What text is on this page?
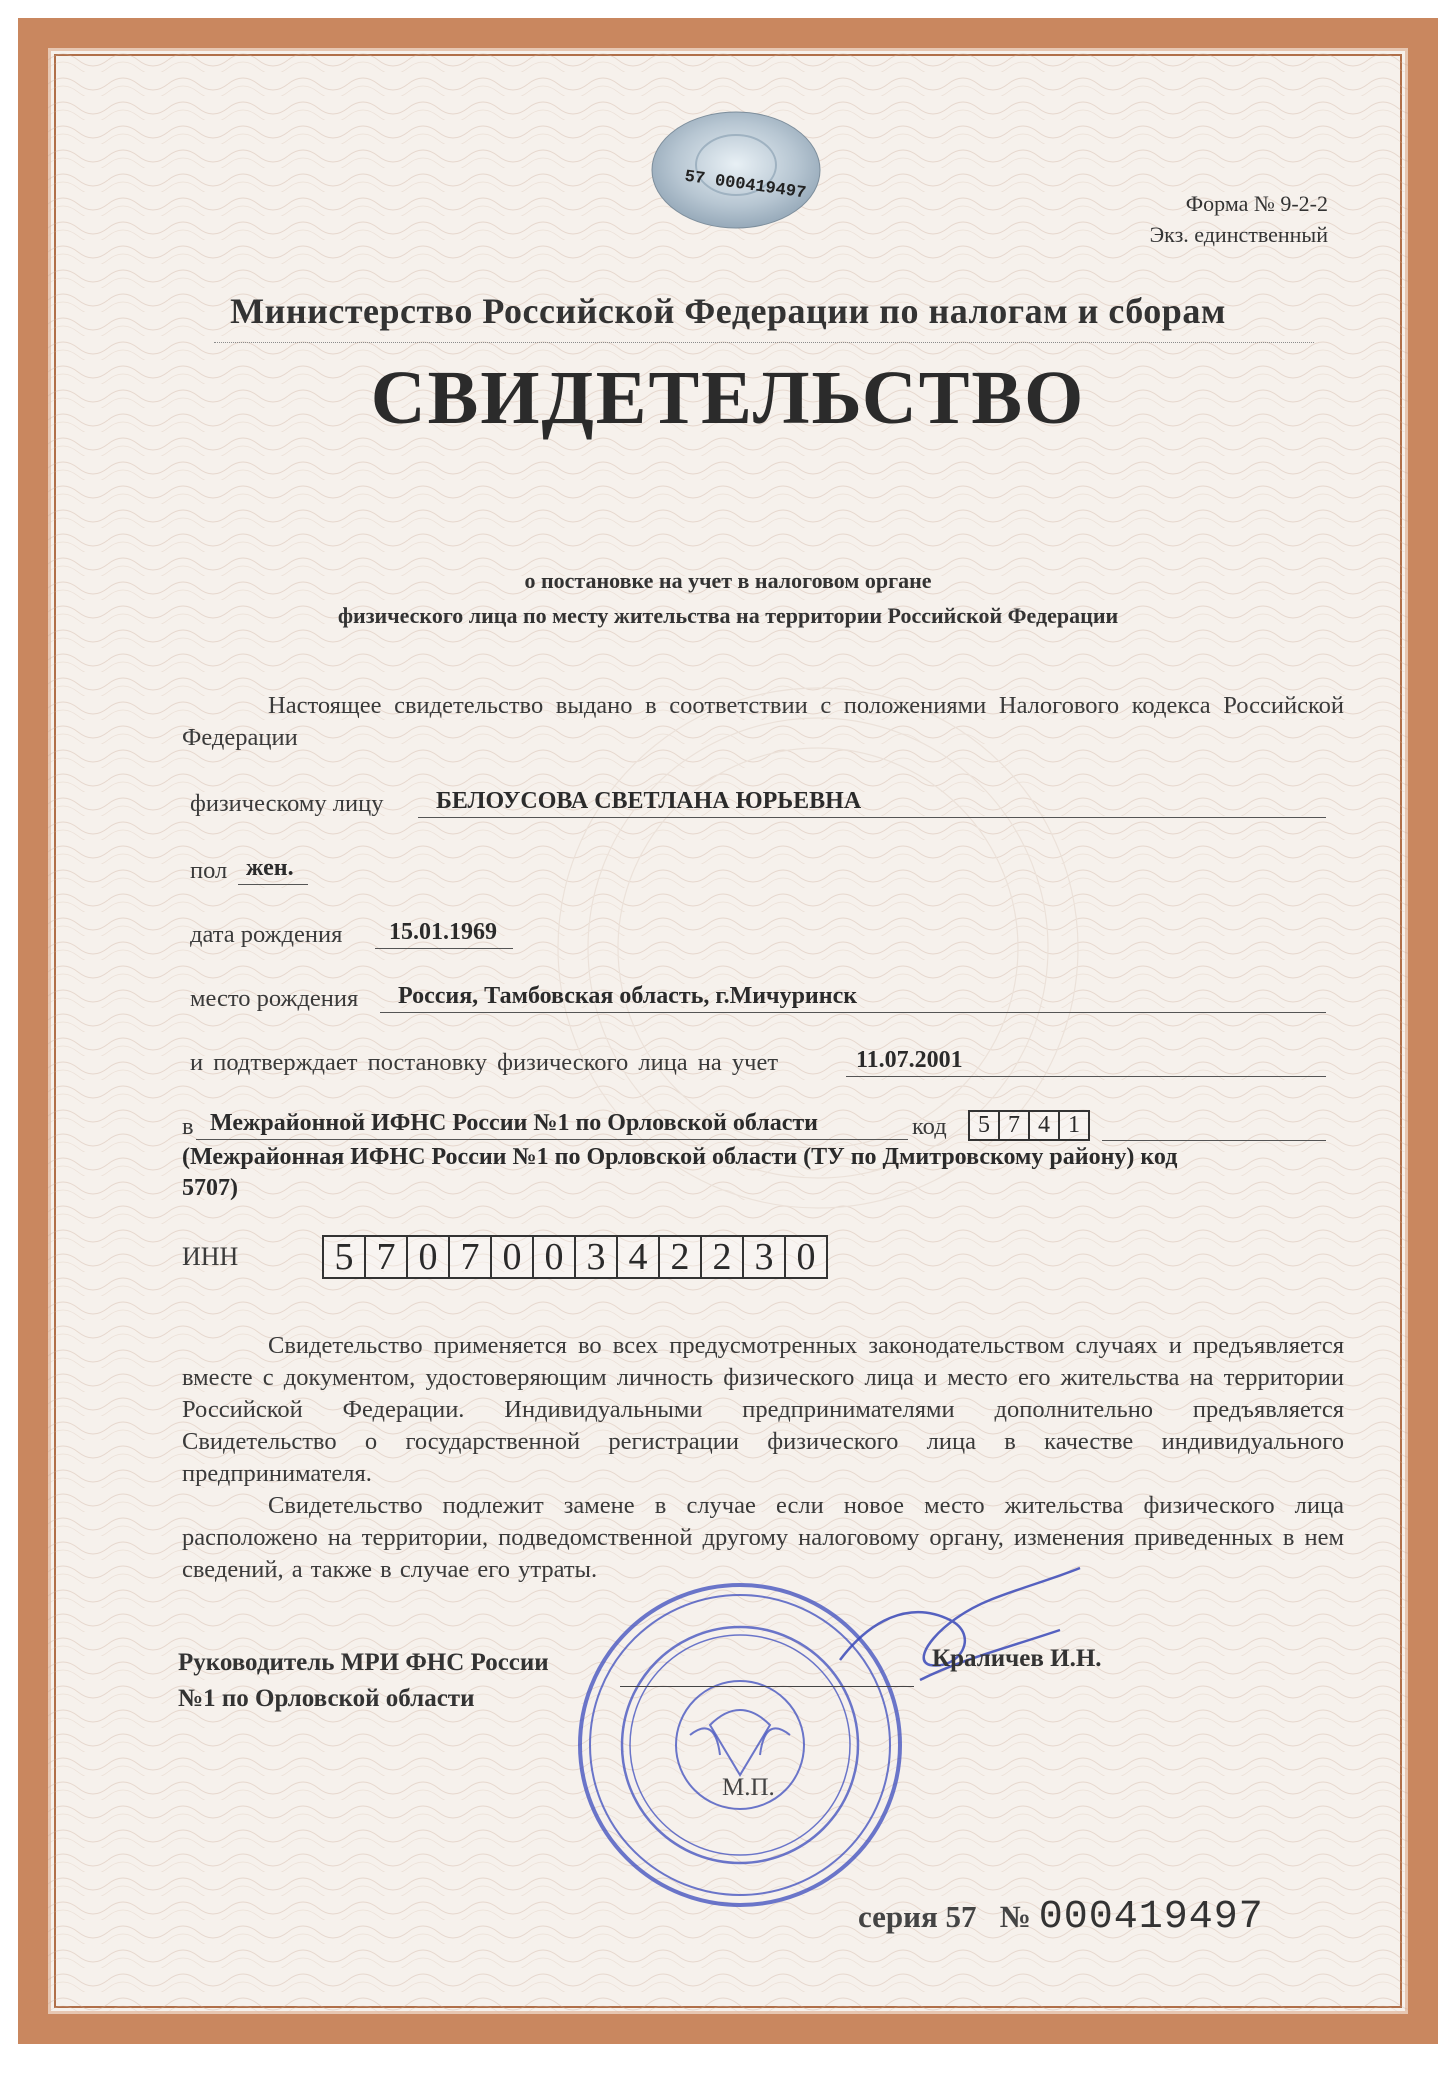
57 000419497
Форма № 9-2-2
Экз. единственный
Министерство Российской Федерации по налогам и сборам
СВИДЕТЕЛЬСТВО
о постановке на учет в налоговом органе
физического лица по месту жительства на территории Российской Федерации
Настоящее свидетельство выдано в соответствии с положениями Налогового кодекса Российской Федерации
физическому лицу	БЕЛОУСОВА СВЕТЛАНА ЮРЬЕВНА
пол жен.
дата рождения	15.01.1969
место рождения	Россия, Тамбовская область, г.Мичуринск
и подтверждает постановку физического лица на учет	11.07.2001
в Межрайонной ИФНС России №1 по Орловской области	код	5 7 4 1
(Межрайонная ИФНС России №1 по Орловской области (ТУ по Дмитровскому району) код
5707)
ИНН	5 7 0 7 0 0 3 4 2 2 3 0
Свидетельство применяется во всех предусмотренных законодательством случаях и предъявляется вместе с документом, удостоверяющим личность физического лица и место его жительства на территории Российской Федерации. Индивидуальными предпринимателями дополнительно предъявляется Свидетельство о государственной регистрации физического лица в качестве индивидуального предпринимателя.
Свидетельство подлежит замене в случае если новое место жительства физического лица расположено на территории, подведомственной другому налоговому органу, изменения приведенных в нем сведений, а также в случае его утраты.
Руководитель МРИ ФНС России
№1 по Орловской области
Краличев И.Н.
М.П.
серия 57 № 000419497
